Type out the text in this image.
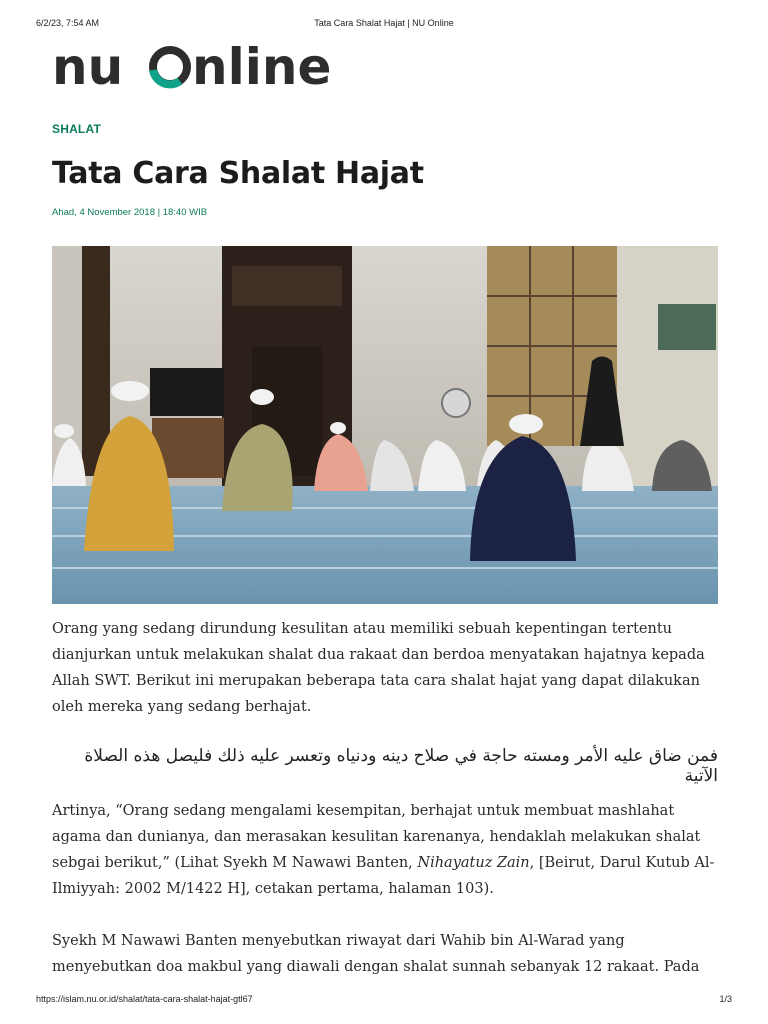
6/2/23, 7:54 AM	Tata Cara Shalat Hajat | NU Online
nu nline
SHALAT
Tata Cara Shalat Hajat
Ahad, 4 November 2018 | 18:40 WIB

Orang yang sedang dirundung kesulitan atau memiliki sebuah kepentingan tertentu dianjurkan untuk melakukan shalat dua rakaat dan berdoa menyatakan hajatnya kepada Allah SWT. Berikut ini merupakan beberapa tata cara shalat hajat yang dapat dilakukan oleh mereka yang sedang berhajat.

فمن ضاق عليه الأمر ومسته حاجة في صلاح دينه ودنياه وتعسر عليه ذلك فليصل هذه الصلاة الآتية

Artinya, “Orang sedang mengalami kesempitan, berhajat untuk membuat mashlahat agama dan dunianya, dan merasakan kesulitan karenanya, hendaklah melakukan shalat sebgai berikut,” (Lihat Syekh M Nawawi Banten, Nihayatuz Zain, [Beirut, Darul Kutub Al-Ilmiyyah: 2002 M/1422 H], cetakan pertama, halaman 103).

Syekh M Nawawi Banten menyebutkan riwayat dari Wahib bin Al-Warad yang menyebutkan doa makbul yang diawali dengan shalat sunnah sebanyak 12 rakaat. Pada

https://islam.nu.or.id/shalat/tata-cara-shalat-hajat-gtl67	1/3
